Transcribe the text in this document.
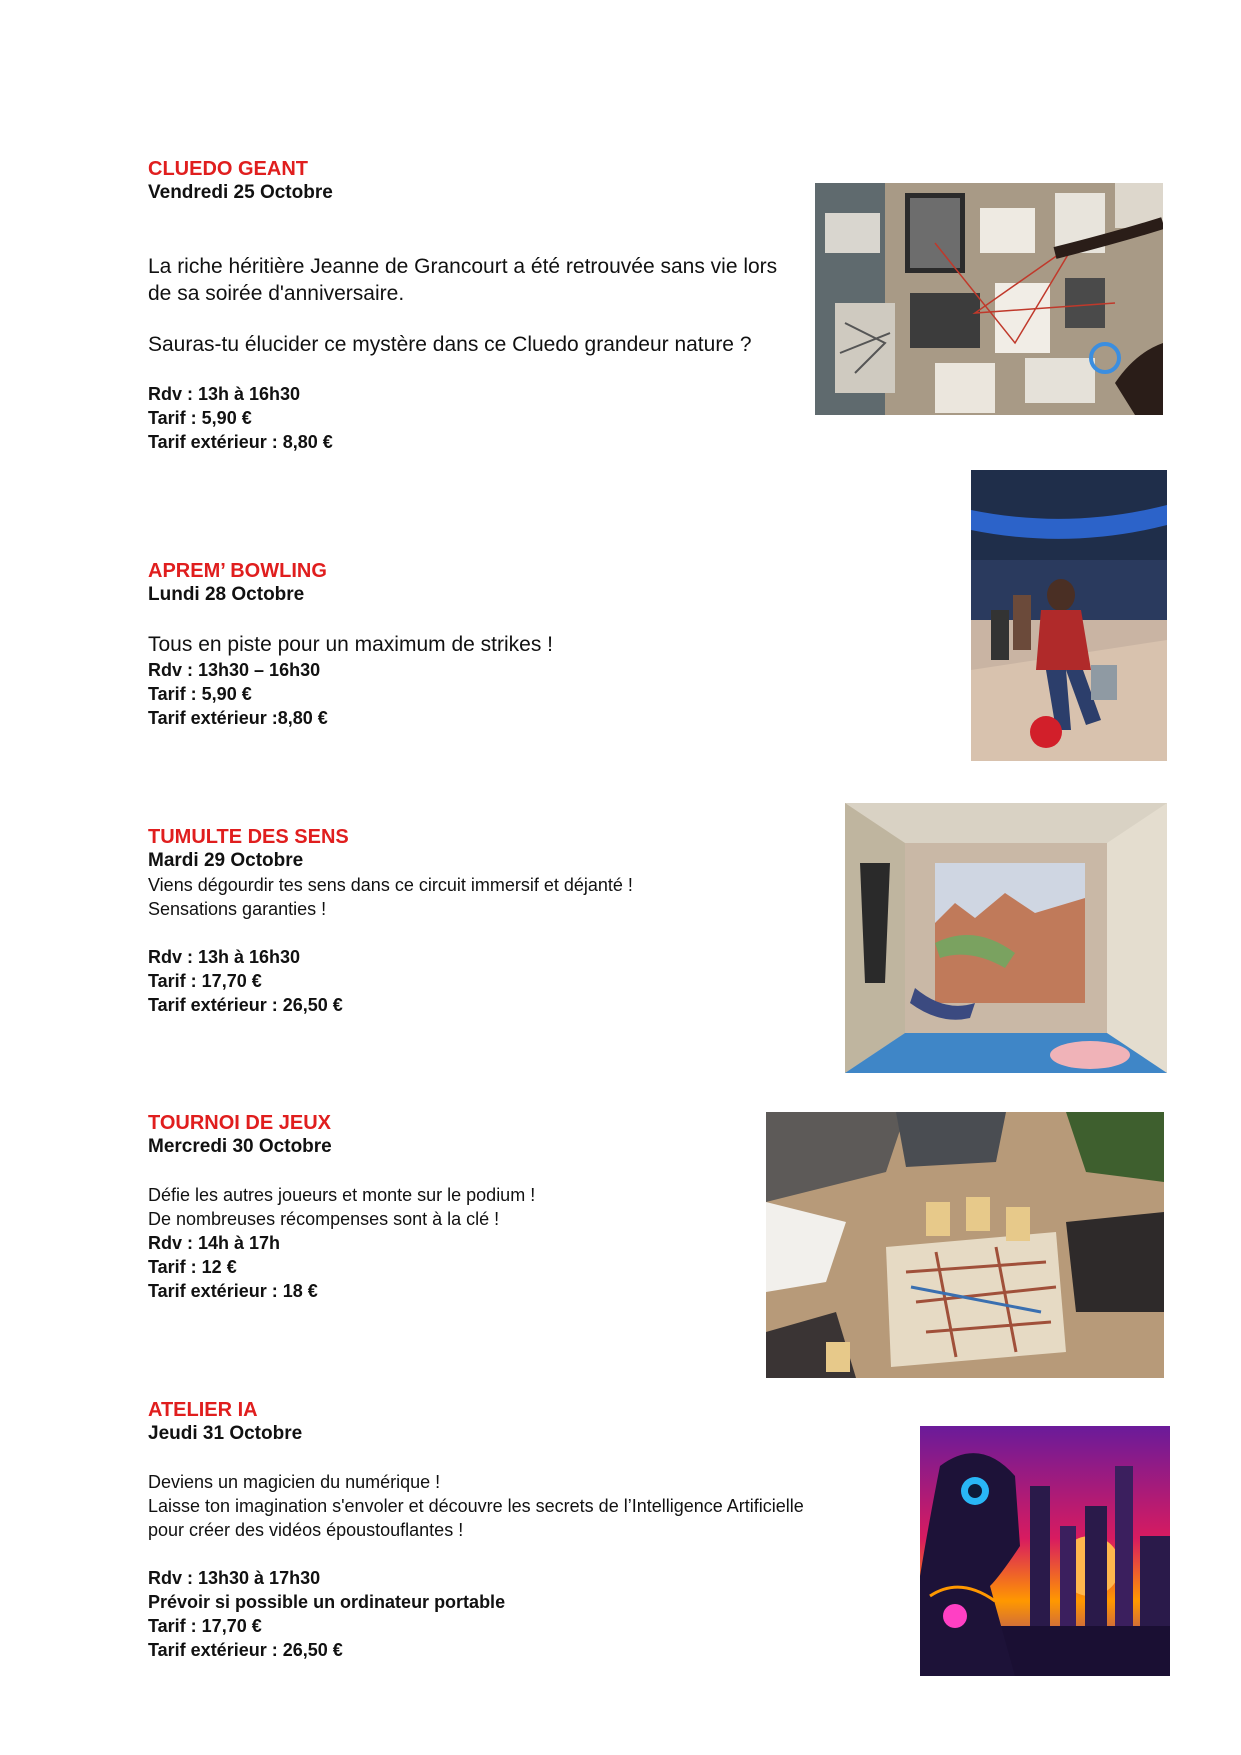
CLUEDO GEANT
Vendredi 25 Octobre
La riche héritière Jeanne de Grancourt a été retrouvée sans vie lors de sa soirée d'anniversaire.
Sauras-tu élucider ce mystère dans ce Cluedo grandeur nature ?
Rdv : 13h à 16h30
Tarif : 5,90 €
Tarif extérieur : 8,80 €
APREM’ BOWLING
Lundi 28 Octobre
Tous en piste pour un maximum de strikes !
Rdv : 13h30 – 16h30
Tarif : 5,90 €
Tarif extérieur :8,80 €
TUMULTE DES SENS
Mardi 29 Octobre
Viens dégourdir tes sens dans ce circuit immersif et déjanté !
Sensations garanties !
Rdv : 13h à 16h30
Tarif : 17,70 €
Tarif extérieur : 26,50 €
TOURNOI DE JEUX
Mercredi 30 Octobre
Défie les autres joueurs et monte sur le podium !
De nombreuses récompenses sont à la clé !
Rdv : 14h à 17h
Tarif : 12 €
Tarif extérieur : 18 €
ATELIER IA
Jeudi 31 Octobre
Deviens un magicien du numérique !
Laisse ton imagination s'envoler et découvre les secrets de l’Intelligence Artificielle pour créer des vidéos époustouflantes !
Rdv : 13h30 à 17h30
Prévoir si possible un ordinateur portable
Tarif : 17,70 €
Tarif extérieur : 26,50 €
